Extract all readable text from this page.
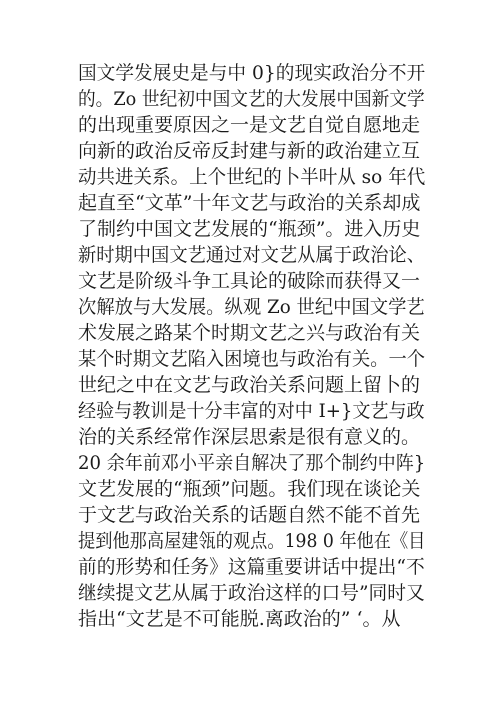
国文学发展史是与中 0}的现实政治分不开
的。Zo 世纪初中国文艺的大发展中国新文学
的出现重要原因之一是文艺自觉自愿地走
向新的政治反帝反封建与新的政治建立互
动共进关系。上个世纪的卜半叶从 so 年代
起直至“文革”十年文艺与政治的关系却成
了制约中国文艺发展的“瓶颈”。进入历史
新时期中国文艺通过对文艺从属于政治论、
文艺是阶级斗争工具论的破除而获得又一
次解放与大发展。纵观 Zo 世纪中国文学艺
术发展之路某个时期文艺之兴与政治有关
某个时期文艺陷入困境也与政治有关。一个
世纪之中在文艺与政治关系问题上留卜的
经验与教训是十分丰富的对中 I+}文艺与政
治的关系经常作深层思索是很有意义的。
20 余年前邓小平亲自解决了那个制约中阵}
文艺发展的“瓶颈”问题。我们现在谈论关
于文艺与政治关系的话题自然不能不首先
提到他那高屋建瓴的观点。198 0 年他在《目
前的形势和任务》这篇重要讲话中提出“不
继续提文艺从属于政治这样的口号”同时又
指出“文艺是不可能脱.离政治的” ‘。从
